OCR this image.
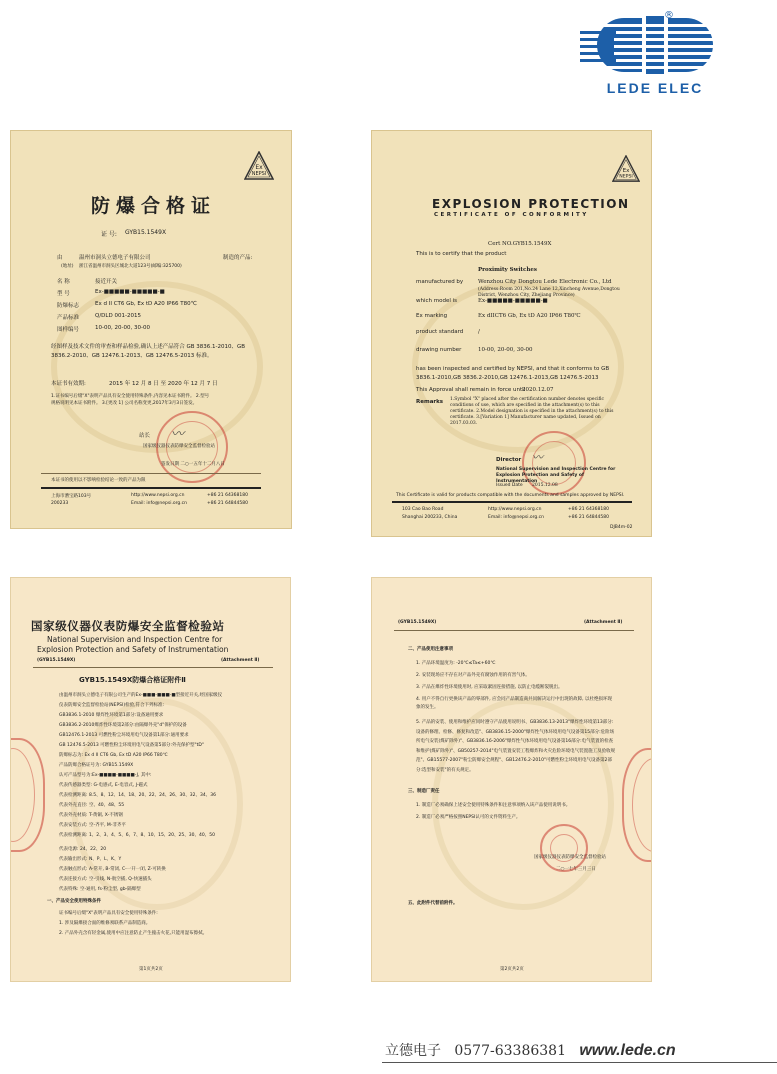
®
LEDE ELEC
Ex
NEPSI
防爆合格证
证 号: GYB15.1549X
由	温州市洞头立德电子有限公司	制造的产品:
(地址) 浙江省温州市洞头区城北大道123号(邮编:325700)
名 称	接近开关
型 号	Ex-■■■■■-■■■■■-■
防爆标志	Ex d II CT6 Gb, Ex tD A20 IP66 T80℃
产品标准	Q/DLD 001-2015
图样编号	10-00, 20-00, 30-00
经图样及技术文件的审查和样品检验,确认上述产品符合 GB 3836.1-2010、GB 3836.2-2010、GB 12476.1-2013、GB 12476.5-2013 标准。
本证书有效期:	2015 年 12 月 8 日 至 2020 年 12 月 7 日
1.证书编号后缀"X"表明产品具有安全使用特殊条件,内容见本证书附件。 2.型号规格说明见本证书附件。 3.[更改 1] 公司名称变更,2017年3月3日签发。
站长 〰
国家级仪器仪表防爆安全监督检验站
签发日期 二○一五年十二月八日
本证书的使用以不影响检验结论一致的产品为限
上海市漕宝路103号
200233
http://www.nepsi.org.cn
Email: info@nepsi.org.cn
+86 21 64368180
+86 21 64844580
Ex
NEPSI
EXPLOSION PROTECTION
CERTIFICATE OF CONFORMITY
Cert NO.GYB15.1549X
This is to certify that the product
Proximity Switches
manufactured by	Wenzhou City Dongtou Lede Electronic Co., Ltd
(Address:Room 201,No.24 Lane 12,Xincheng Avenue,Dongtou District, Wenzhou City, Zhejiang Province)
which model is	Ex-■■■■■-■■■■■-■
Ex marking	Ex dIICT6 Gb, Ex tD A20 IP66 T80℃
product standard	/
drawing number	10-00, 20-00, 30-00
has been inspected and certified by NEPSI, and that it conforms to GB 3836.1-2010,GB 3836.2-2010,GB 12476.1-2013,GB 12476.5-2013
This Approval shall remain in force until
2020.12.07
Remarks 1.Symbol "X" placed after the certification number denotes specific conditions of use, which are specified in the attachment(s) to this certificate. 2.Model designation is specified in the attachment(s) to this certificate. 3.[Variation 1] Manufacturer name updated, Issued on 2017.03.03.
Director 〰
National Supervision and Inspection Centre for Explosion Protection and Safety of Instrumentation
Issued Date 2015.12.08
This Certificate is valid for products compatible with the documents and samples approved by NEPSI.
103 Cao Bao Road
Shanghai 200233, China
http://www.nepsi.org.cn
Email: info@nepsi.org.cn
+86 21 64368180
+86 21 64844580
DJB4m-02
国家级仪器仪表防爆安全监督检验站
National Supervision and Inspection Centre for
Explosion Protection and Safety of Instrumentation
(GYB15.1549X)	(Attachment Ⅱ)
GYB15.1549X防爆合格证附件Ⅱ
由温州市洞头立德电子有限公司生产的Ex-■■■-■■■-■型接近开关,经国家级仪
仪表防爆安全监督检验站(NEPSI)检验,符合下列标准:
GB3836.1-2010 爆炸性环境第1部分:设备通用要求
GB3836.2-2010爆炸性环境第2部分:由隔爆外壳"d"保护的设备
GB12476.1-2013 可燃性粉尘环境用电气设备第1部分:通用要求
GB 12476.5-2013 可燃性粉尘环境用电气设备第5部分:外壳保护型"tD"
防爆标志为: Ex d II CT6 Gb, Ex tD A20 IP66 T80℃
产品防爆合格证号为: GYB15.1549X
认可产品型号为:Ex-■■■■-■■■■-J, 其中:
代表传感器类型: G-电感式, E-电容式, J-磁式
代表检测距离: 8.5、8、12、14、18、20、22、24、26、30、32、34、36
代表外壳直径: 空、40、48、55
代表外壳材质: T-黄铜, X-不锈钢
代表安装方式: 空-齐平, M-非齐平
代表检测距离: 1、2、3、4、5、6、7、8、10、15、20、25、30、40、50
代表电源: 24、22、20
代表输出形式: N、P、L、K、Y
代表触点形式: A-常开, B-常闭, C-一开一闭, Z-可转换
代表连接方式: 空-引线, N-航空插, Q-快速插头
代表特殊: 空-通用, fs-粉尘型, gb-隔爆型
一、产品安全使用特殊条件
证书编号后缀"X"表明产品具有安全使用特殊条件:
1. 涉及隔爆接合面的维修须联系产品制造商。
2. 产品外壳含有轻金属,使用中应注意防止产生撞击火花,只能用湿布擦拭。
第1页共2页
(GYB15.1549X)	(Attachment Ⅱ)
二、产品使用注意事项
1. 产品环境温度为: -20℃≤Ta≤+60℃
2. 安装现场应不存在对产品外壳有腐蚀作用的有害气体。
3. 产品在爆炸性环境使用时, 应采取紧固连接措施, 以防止电缆断裂脱出。
4. 用户不得自行更换该产品的零部件, 应会同产品制造商共同解决运行中出现的故障, 以杜绝损坏现象的发生。
5. 产品的安装、使用和维护应同时遵守产品使用说明书、GB3836.13-2013"爆炸性环境第13部分:设备的修理、检修、修复和改造"、GB3836.15-2000"爆炸性气体环境用电气设备第15部分:危险场所电气安装(煤矿除外)"、GB3836.16-2006"爆炸性气体环境用电气设备第16部分:电气装置的检查和维护(煤矿除外)"、GB50257-2014"电气装置安装工程爆炸和火灾危险环境电气装置施工及验收规范"、GB15577-2007"粉尘防爆安全规程"、GB12476.2-2010"可燃性粉尘环境用电气设备第2部分:选型和安装"的有关规定。
三、制造厂责任
1. 制造厂必须确保上述安全使用特殊条件和注意事项纳入该产品使用说明书。
2. 制造厂必须严格按照NEPSI认可的文件资料生产。
国家级仪器仪表防爆安全监督检验站
二○一七年三月三日
五、此附件代替前附件。
第2页共2页
立德电子 0577-63386381 www.lede.cn
